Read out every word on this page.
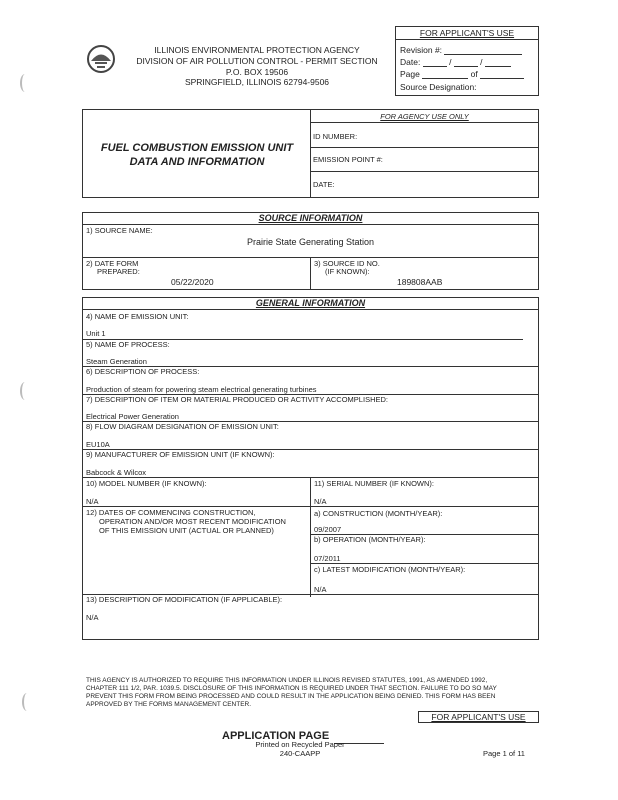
ILLINOIS ENVIRONMENTAL PROTECTION AGENCY
DIVISION OF AIR POLLUTION CONTROL - PERMIT SECTION
P.O. BOX 19506
SPRINGFIELD, ILLINOIS 62794-9506
FOR APPLICANT'S USE
Revision #:
Date:	/	/
Page	of
Source Designation:
FUEL COMBUSTION EMISSION UNIT
DATA AND INFORMATION
FOR AGENCY USE ONLY
ID NUMBER:
EMISSION POINT #:
DATE:
SOURCE INFORMATION
1) SOURCE NAME:
Prairie State Generating Station
2) DATE FORM
PREPARED:
05/22/2020
3) SOURCE ID NO.
(IF KNOWN):
189808AAB
GENERAL INFORMATION
4) NAME OF EMISSION UNIT:
Unit 1
5) NAME OF PROCESS:
Steam Generation
6) DESCRIPTION OF PROCESS:
Production of steam for powering steam electrical generating turbines
7) DESCRIPTION OF ITEM OR MATERIAL PRODUCED OR ACTIVITY ACCOMPLISHED:
Electrical Power Generation
8) FLOW DIAGRAM DESIGNATION OF EMISSION UNIT:
EU10A
9) MANUFACTURER OF EMISSION UNIT (IF KNOWN):
Babcock & Wilcox
10) MODEL NUMBER (IF KNOWN):
N/A
11) SERIAL NUMBER (IF KNOWN):
N/A
12) DATES OF COMMENCING CONSTRUCTION,
OPERATION AND/OR MOST RECENT MODIFICATION
OF THIS EMISSION UNIT (ACTUAL OR PLANNED)
a) CONSTRUCTION (MONTH/YEAR):
09/2007
b) OPERATION (MONTH/YEAR):
07/2011
c) LATEST MODIFICATION (MONTH/YEAR):
N/A
13) DESCRIPTION OF MODIFICATION (IF APPLICABLE):
N/A
THIS AGENCY IS AUTHORIZED TO REQUIRE THIS INFORMATION UNDER ILLINOIS REVISED STATUTES, 1991, AS AMENDED 1992,
CHAPTER 111 1/2, PAR. 1039.5. DISCLOSURE OF THIS INFORMATION IS REQUIRED UNDER THAT SECTION. FAILURE TO DO SO MAY
PREVENT THIS FORM FROM BEING PROCESSED AND COULD RESULT IN THE APPLICATION BEING DENIED. THIS FORM HAS BEEN
APPROVED BY THE FORMS MANAGEMENT CENTER.
FOR APPLICANT'S USE
APPLICATION PAGE
Printed on Recycled Paper
240-CAAPP	Page 1 of 11
